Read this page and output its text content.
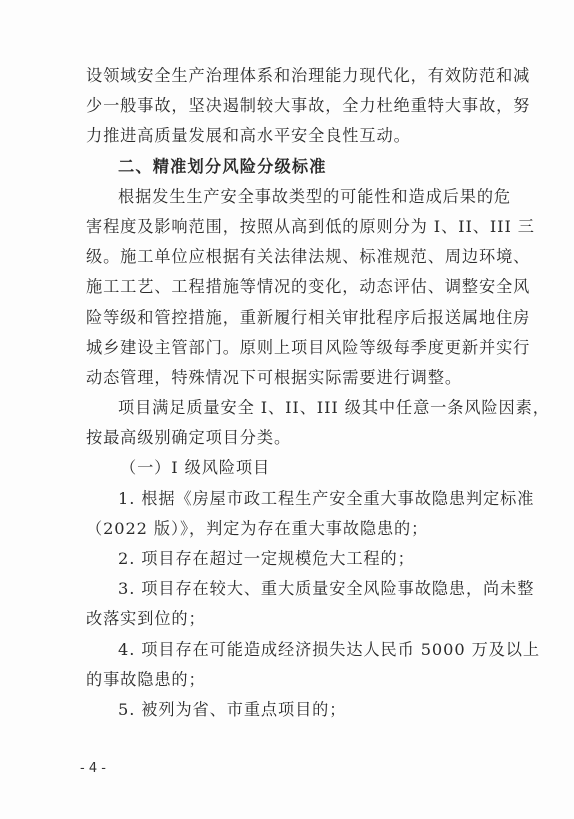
设领域安全生产治理体系和治理能力现代化，有效防范和减
少一般事故，坚决遏制较大事故，全力杜绝重特大事故，努
力推进高质量发展和高水平安全良性互动。
二、精准划分风险分级标准
根据发生生产安全事故类型的可能性和造成后果的危
害程度及影响范围，按照从高到低的原则分为 I、II、III 三
级。施工单位应根据有关法律法规、标准规范、周边环境、
施工工艺、工程措施等情况的变化，动态评估、调整安全风
险等级和管控措施，重新履行相关审批程序后报送属地住房
城乡建设主管部门。原则上项目风险等级每季度更新并实行
动态管理，特殊情况下可根据实际需要进行调整。
项目满足质量安全 I、II、III 级其中任意一条风险因素，
按最高级别确定项目分类。
（一）I 级风险项目
1. 根据《房屋市政工程生产安全重大事故隐患判定标准
（2022 版）》，判定为存在重大事故隐患的；
2. 项目存在超过一定规模危大工程的；
3. 项目存在较大、重大质量安全风险事故隐患，尚未整
改落实到位的；
4. 项目存在可能造成经济损失达人民币 5000 万及以上
的事故隐患的；
5. 被列为省、市重点项目的；
- 4 -
